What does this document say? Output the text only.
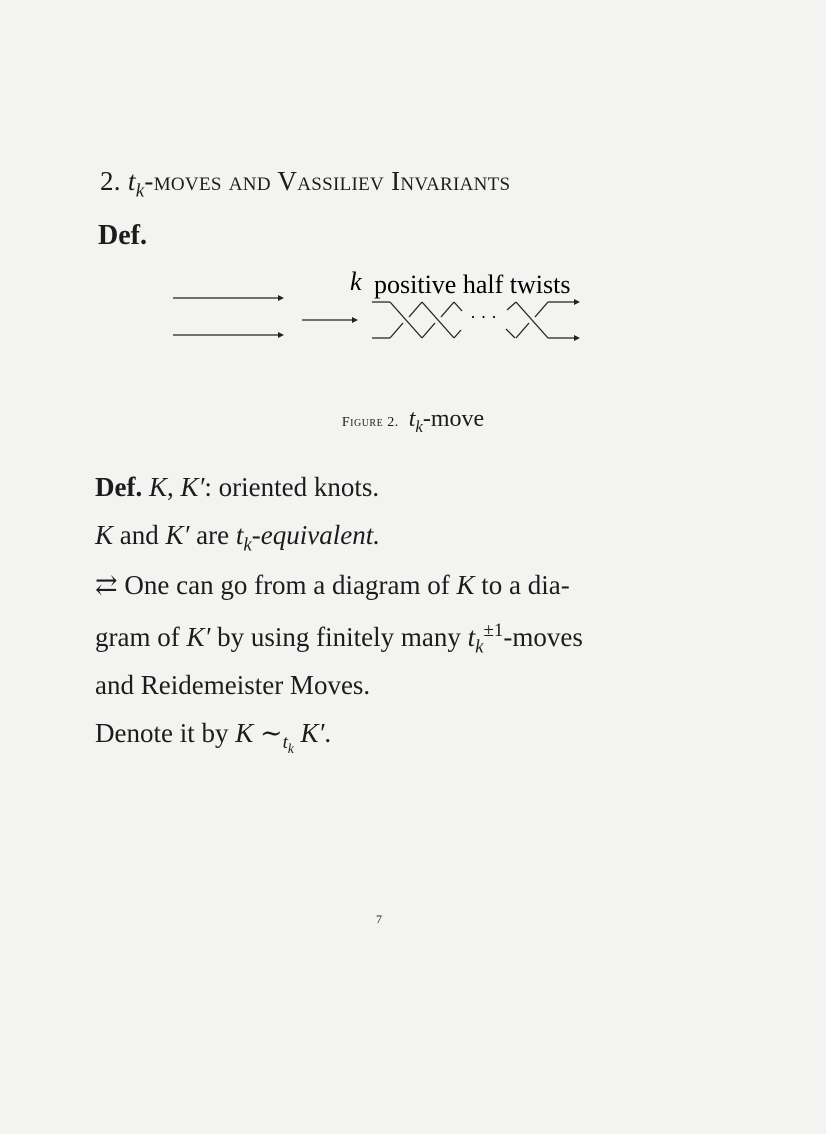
2. $t_k$-moves and Vassiliev Invariants
Def.
k positive half twists
· · ·
Figure 2. $t_k$-move
Def. K, K′: oriented knots.
K and K′ are $t_k$-equivalent.
⇄ One can go from a diagram of K to a dia-
gram of K′ by using finitely many $t_k^{\pm 1}$-moves
and Reidemeister Moves.
Denote it by K $\sim_{t_k}$ K′.
7
